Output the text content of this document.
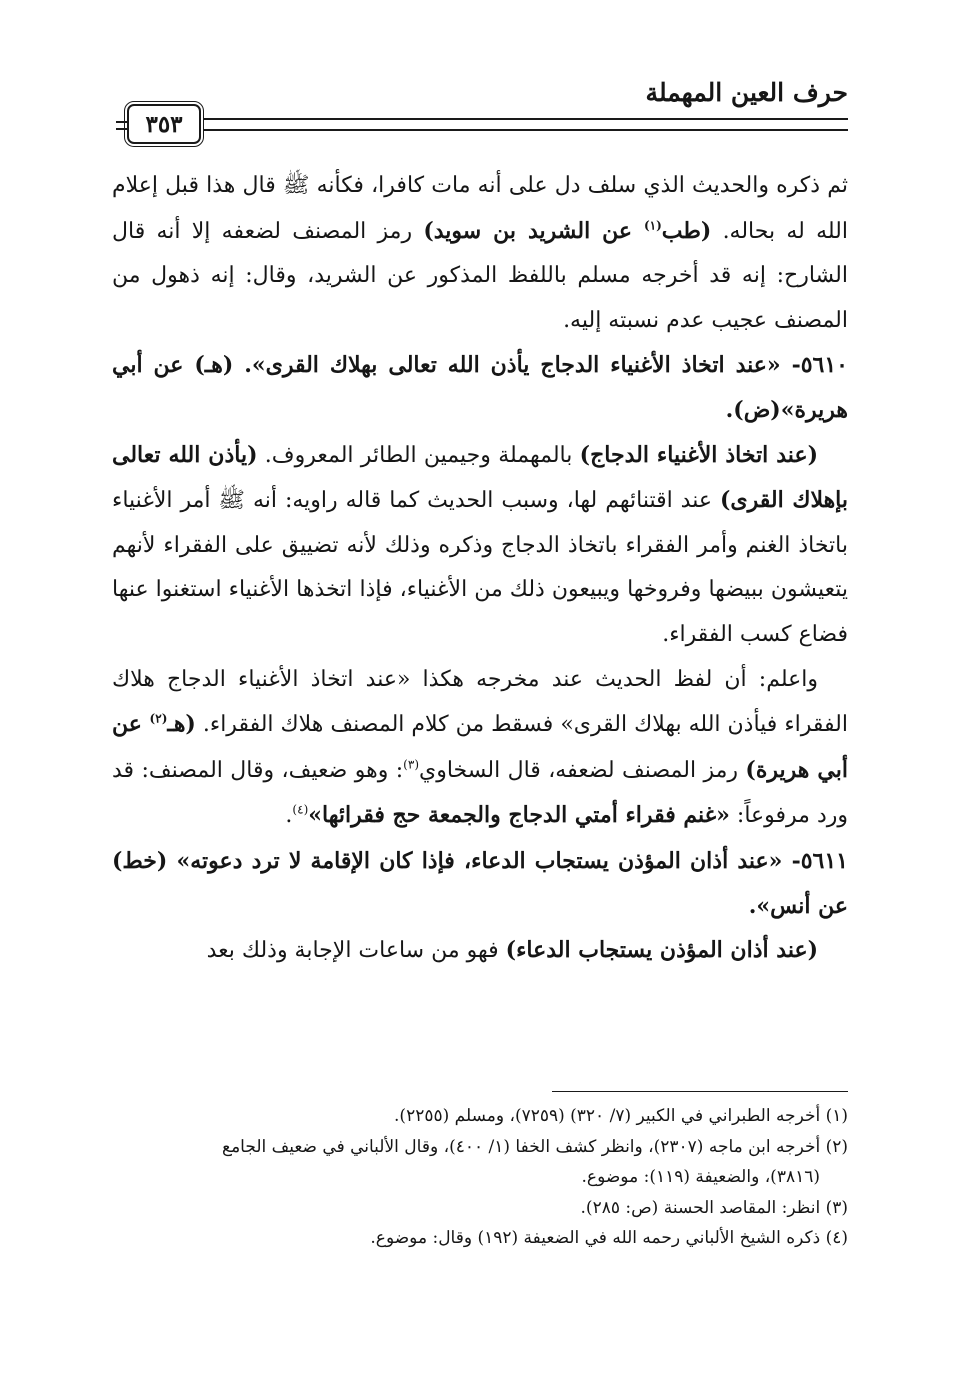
حرف العين المهملة
٣٥٣

ثم ذكره والحديث الذي سلف دل على أنه مات كافرا، فكأنه ﷺ قال هذا قبل إعلام الله له بحاله. (طب$^{(١)}$ عن الشريد بن سويد) رمز المصنف لضعفه إلا أنه قال الشارح: إنه قد أخرجه مسلم باللفظ المذكور عن الشريد، وقال: إنه ذهول من المصنف عجيب عدم نسبته إليه.

٥٦١٠- «عند اتخاذ الأغنياء الدجاج يأذن الله تعالى بهلاك القرى». (هـ) عن أبي هريرة»(ض).

(عند اتخاذ الأغنياء الدجاج) بالمهملة وجيمين الطائر المعروف. (يأذن الله تعالى بإهلاك القرى) عند اقتنائهم لها، وسبب الحديث كما قاله راويه: أنه ﷺ أمر الأغنياء باتخاذ الغنم وأمر الفقراء باتخاذ الدجاج وذكره وذلك لأنه تضييق على الفقراء لأنهم يتعيشون ببيضها وفروخها ويبيعون ذلك من الأغنياء، فإذا اتخذها الأغنياء استغنوا عنها فضاع كسب الفقراء.

واعلم: أن لفظ الحديث عند مخرجه هكذا «عند اتخاذ الأغنياء الدجاج هلاك الفقراء فيأذن الله بهلاك القرى» فسقط من كلام المصنف هلاك الفقراء. (هـ$^{(٢)}$ عن أبي هريرة) رمز المصنف لضعفه، قال السخاوي$^{(٣)}$: وهو ضعيف، وقال المصنف: قد ورد مرفوعاً: «غنم فقراء أمتي الدجاج والجمعة حج فقرائها»$^{(٤)}$.

٥٦١١- «عند أذان المؤذن يستجاب الدعاء، فإذا كان الإقامة لا ترد دعوته» (خط) عن أنس».

(عند أذان المؤذن يستجاب الدعاء) فهو من ساعات الإجابة وذلك بعد

(١) أخرجه الطبراني في الكبير (٧/ ٣٢٠) (٧٢٥٩)، ومسلم (٢٢٥٥).

(٢) أخرجه ابن ماجه (٢٣٠٧)، وانظر كشف الخفا (١/ ٤٠٠)، وقال الألباني في ضعيف الجامع

(٣٨١٦)، والضعيفة (١١٩): موضوع.

(٣) انظر: المقاصد الحسنة (ص: ٢٨٥).

(٤) ذكره الشيخ الألباني رحمه الله في الضعيفة (١٩٢) وقال: موضوع.
